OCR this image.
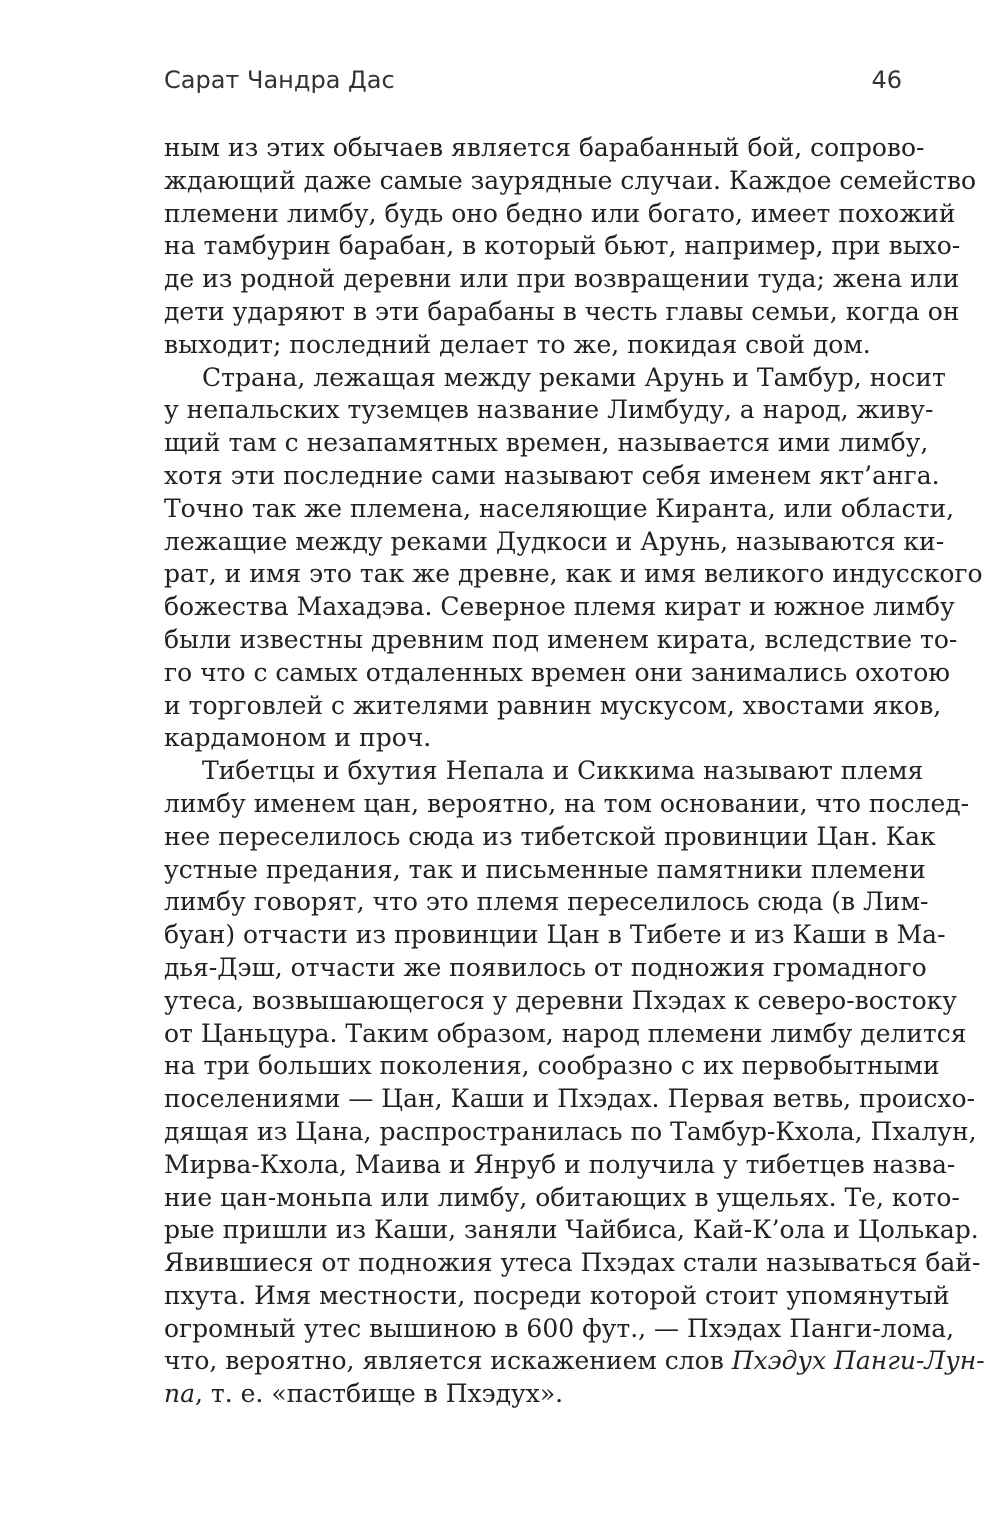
Сарат Чандра Дас	46
ным из этих обычаев является барабанный бой, сопрово-
ждающий даже самые заурядные случаи. Каждое семейство
племени лимбу, будь оно бедно или богато, имеет похожий
на тамбурин барабан, в который бьют, например, при выхо-
де из родной деревни или при возвращении туда; жена или
дети ударяют в эти барабаны в честь главы семьи, когда он
выходит; последний делает то же, покидая свой дом.
Страна, лежащая между реками Арунь и Тамбур, носит
у непальских туземцев название Лимбуду, а народ, живу-
щий там с незапамятных времен, называется ими лимбу,
хотя эти последние сами называют себя именем якт’анга.
Точно так же племена, населяющие Киранта, или области,
лежащие между реками Дудкоси и Арунь, называются ки-
рат, и имя это так же древне, как и имя великого индусского
божества Махадэва. Северное племя кират и южное лимбу
были известны древним под именем кирата, вследствие то-
го что с самых отдаленных времен они занимались охотою
и торговлей с жителями равнин мускусом, хвостами яков,
кардамоном и проч.
Тибетцы и бхутия Непала и Сиккима называют племя
лимбу именем цан, вероятно, на том основании, что послед-
нее переселилось сюда из тибетской провинции Цан. Как
устные предания, так и письменные памятники племени
лимбу говорят, что это племя переселилось сюда (в Лим-
буан) отчасти из провинции Цан в Тибете и из Каши в Ма-
дья-Дэш, отчасти же появилось от подножия громадного
утеса, возвышающегося у деревни Пхэдах к северо-востоку
от Цаньцура. Таким образом, народ племени лимбу делится
на три больших поколения, сообразно с их первобытными
поселениями — Цан, Каши и Пхэдах. Первая ветвь, происхо-
дящая из Цана, распространилась по Тамбур-Кхола, Пхалун,
Мирва-Кхола, Маива и Янруб и получила у тибетцев назва-
ние цан-моньпа или лимбу, обитающих в ущельях. Те, кото-
рые пришли из Каши, заняли Чайбиса, Кай-К’ола и Цолькар.
Явившиеся от подножия утеса Пхэдах стали называться бай-
пхута. Имя местности, посреди которой стоит упомянутый
огромный утес вышиною в 600 фут., — Пхэдах Панги-лома,
что, вероятно, является искажением слов Пхэдух Панги-Лун-
па, т. е. «пастбище в Пхэдух».
